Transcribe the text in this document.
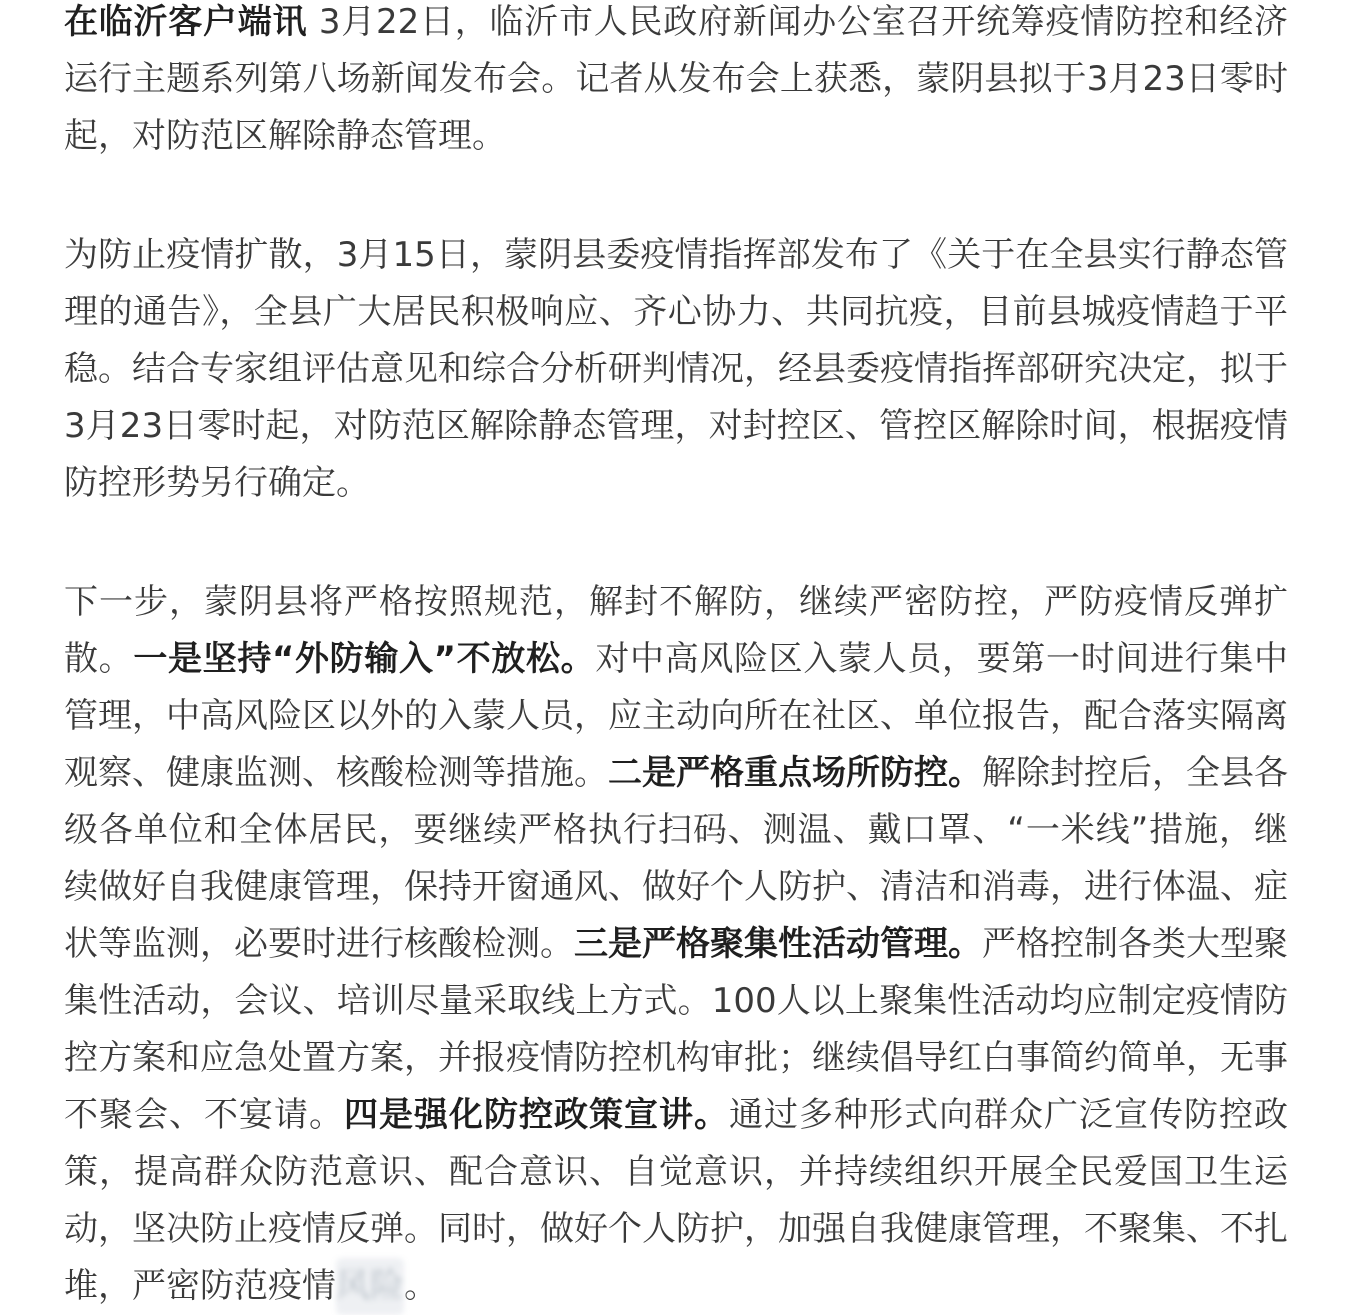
在临沂客户端讯 3月22日，临沂市人民政府新闻办公室召开统筹疫情防控和经济运行主题系列第八场新闻发布会。记者从发布会上获悉，蒙阴县拟于3月23日零时起，对防范区解除静态管理。

为防止疫情扩散，3月15日，蒙阴县委疫情指挥部发布了《关于在全县实行静态管理的通告》，全县广大居民积极响应、齐心协力、共同抗疫，目前县城疫情趋于平稳。结合专家组评估意见和综合分析研判情况，经县委疫情指挥部研究决定，拟于3月23日零时起，对防范区解除静态管理，对封控区、管控区解除时间，根据疫情防控形势另行确定。

下一步，蒙阴县将严格按照规范，解封不解防，继续严密防控，严防疫情反弹扩散。一是坚持“外防输入”不放松。对中高风险区入蒙人员，要第一时间进行集中管理，中高风险区以外的入蒙人员，应主动向所在社区、单位报告，配合落实隔离观察、健康监测、核酸检测等措施。二是严格重点场所防控。解除封控后，全县各级各单位和全体居民，要继续严格执行扫码、测温、戴口罩、“一米线”措施，继续做好自我健康管理，保持开窗通风、做好个人防护、清洁和消毒，进行体温、症状等监测，必要时进行核酸检测。三是严格聚集性活动管理。严格控制各类大型聚集性活动，会议、培训尽量采取线上方式。100人以上聚集性活动均应制定疫情防控方案和应急处置方案，并报疫情防控机构审批；继续倡导红白事简约简单，无事不聚会、不宴请。四是强化防控政策宣讲。通过多种形式向群众广泛宣传防控政策，提高群众防范意识、配合意识、自觉意识，并持续组织开展全民爱国卫生运动，坚决防止疫情反弹。同时，做好个人防护，加强自我健康管理，不聚集、不扎堆，严密防范疫情风险。
